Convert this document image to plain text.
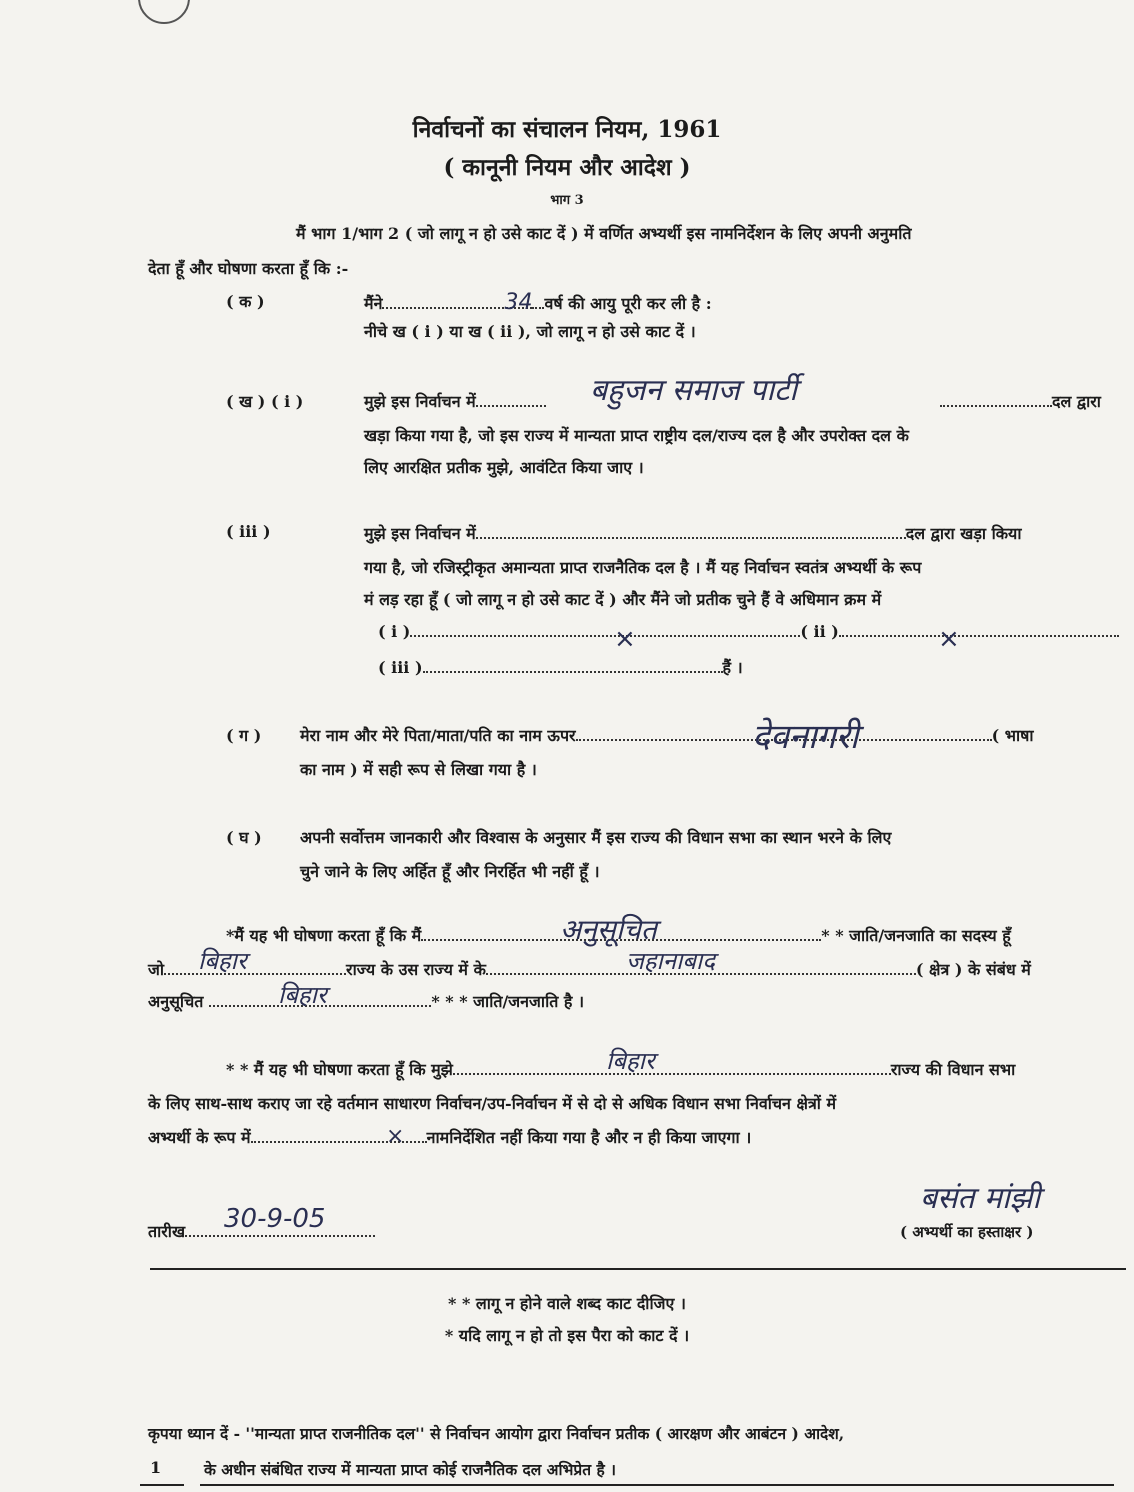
निर्वाचनों का संचालन नियम, 1961
( कानूनी नियम और आदेश )
भाग 3
मैं भाग 1/भाग 2 ( जो लागू न हो उसे काट दें ) में वर्णित अभ्यर्थी इस नामनिर्देशन के लिए अपनी अनुमति
देता हूँ और घोषणा करता हूँ कि :-
( क )	मैंने	34 वर्ष की आयु पूरी कर ली है :
नीचे ख ( i ) या ख ( ii ), जो लागू न हो उसे काट दें ।
( ख ) ( i )	मुझे इस निर्वाचन में	बहुजन समाज पार्टी	दल द्वारा
खड़ा किया गया है, जो इस राज्य में मान्यता प्राप्त राष्ट्रीय दल/राज्य दल है और उपरोक्त दल के
लिए आरक्षित प्रतीक मुझे, आवंटित किया जाए ।
( iii )	मुझे इस निर्वाचन में	दल द्वारा खड़ा किया
गया है, जो रजिस्ट्रीकृत अमान्यता प्राप्त राजनैतिक दल है । मैं यह निर्वाचन स्वतंत्र अभ्यर्थी के रूप
मं लड़ रहा हूँ ( जो लागू न हो उसे काट दें ) और मैंने जो प्रतीक चुने हैं वे अधिमान क्रम में
( i )	( ii )
×	×
( iii )	हैं ।
( ग ) मेरा नाम और मेरे पिता/माता/पति का नाम ऊपर	( भाषा
देवनागरी
का नाम ) में सही रूप से लिखा गया है ।
( घ ) अपनी सर्वोत्तम जानकारी और विश्वास के अनुसार मैं इस राज्य की विधान सभा का स्थान भरने के लिए
चुने जाने के लिए अर्हित हूँ और निरर्हित भी नहीं हूँ ।
*मैं यह भी घोषणा करता हूँ कि मैं	* * जाति/जनजाति का सदस्य हूँ
अनुसूचित
जो	राज्य के उस राज्य में के	( क्षेत्र ) के संबंध में
बिहार	जहानाबाद
अनुसूचित	* * * जाति/जनजाति है ।
बिहार
* * मैं यह भी घोषणा करता हूँ कि मुझे	राज्य की विधान सभा
बिहार
के लिए साथ-साथ कराए जा रहे वर्तमान साधारण निर्वाचन/उप-निर्वाचन में से दो से अधिक विधान सभा निर्वाचन क्षेत्रों में
अभ्यर्थी के रूप में	नामनिर्देशित नहीं किया गया है और न ही किया जाएगा ।
×
बसंत मांझी
तारीख	30-9-05	( अभ्यर्थी का हस्ताक्षर )
* * लागू न होने वाले शब्द काट दीजिए ।
* यदि लागू न हो तो इस पैरा को काट दें ।
कृपया ध्यान दें - ''मान्यता प्राप्त राजनीतिक दल'' से निर्वाचन आयोग द्वारा निर्वाचन प्रतीक ( आरक्षण और आबंटन ) आदेश,
1	के अधीन संबंधित राज्य में मान्यता प्राप्त कोई राजनैतिक दल अभिप्रेत है ।
